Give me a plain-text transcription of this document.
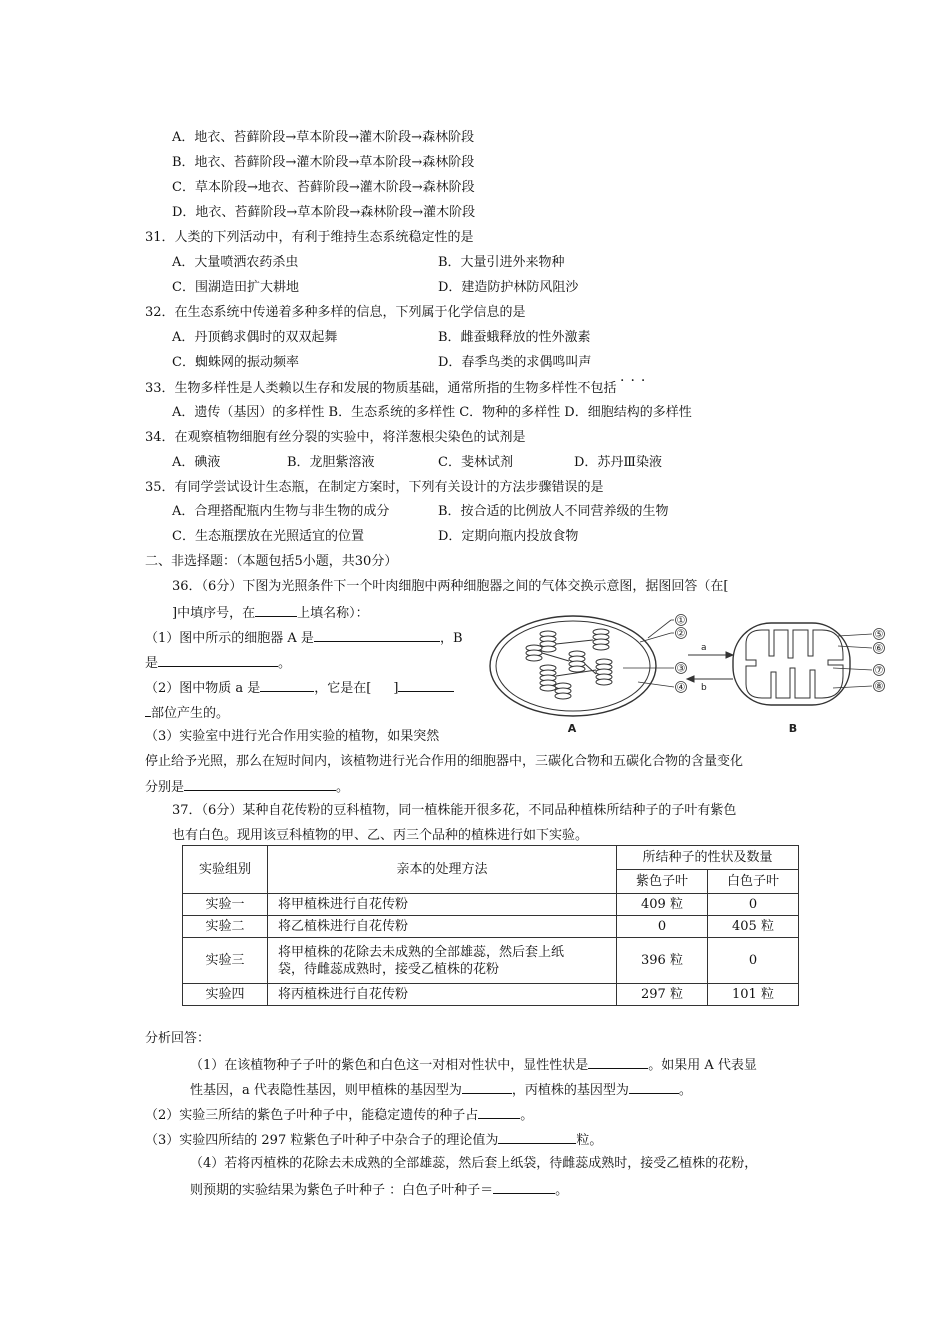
A．地衣、苔藓阶段→草本阶段→灌木阶段→森林阶段
B．地衣、苔藓阶段→灌木阶段→草本阶段→森林阶段
C．草本阶段→地衣、苔藓阶段→灌木阶段→森林阶段
D．地衣、苔藓阶段→草本阶段→森林阶段→灌木阶段
31．人类的下列活动中，有利于维持生态系统稳定性的是
A．大量喷洒农药杀虫	B．大量引进外来物种
C．围湖造田扩大耕地	D．建造防护林防风阻沙
32．在生态系统中传递着多种多样的信息，下列属于化学信息的是
A．丹顶鹤求偶时的双双起舞	B．雌蚕蛾释放的性外激素
C．蜘蛛网的振动频率	D．春季鸟类的求偶鸣叫声
···
33．生物多样性是人类赖以生存和发展的物质基础，通常所指的生物多样性不包括
A．遗传（基因）的多样性 B．生态系统的多样性 C．物种的多样性 D．细胞结构的多样性
34．在观察植物细胞有丝分裂的实验中，将洋葱根尖染色的试剂是
A．碘液	B．龙胆紫溶液	C．斐林试剂	D．苏丹Ⅲ染液
35．有同学尝试设计生态瓶，在制定方案时，下列有关设计的方法步骤错误的是
A．合理搭配瓶内生物与非生物的成分	B．按合适的比例放人不同营养级的生物
C．生态瓶摆放在光照适宜的位置	D．定期向瓶内投放食物
二、非选择题：（本题包括5小题，共30分）
36．（6分）下图为光照条件下一个叶肉细胞中两种细胞器之间的气体交换示意图，据图回答（在[
]中填序号，在	上填名称）：
（1）图中所示的细胞器 A 是	，B
是	。
（2）图中物质 a 是	，它是在[ ]
部位产生的。
（3）实验室中进行光合作用实验的植物，如果突然
停止给予光照，那么在短时间内，该植物进行光合作用的细胞器中，三碳化合物和五碳化合物的含量变化
分别是	。
①
②
③
④
a
b
⑤
⑥
⑦
⑧
A	B
37．（6分）某种自花传粉的豆科植物，同一植株能开很多花，不同品种植株所结种子的子叶有紫色
也有白色。现用该豆科植物的甲、乙、丙三个品种的植株进行如下实验。
实验组别	亲本的处理方法	所结种子的性状及数量	
		紫色子叶	白色子叶
实验一	将甲植株进行自花传粉	409 粒	0
实验二	将乙植株进行自花传粉	0	405 粒
实验三	将甲植株的花除去未成熟的全部雄蕊，然后套上纸
袋，待雌蕊成熟时，接受乙植株的花粉	396 粒	0
实验四	将丙植株进行自花传粉	297 粒	101 粒
分析回答：
（1）在该植物种子子叶的紫色和白色这一对相对性状中，显性性状是	。如果用 A 代表显
性基因，a 代表隐性基因，则甲植株的基因型为	，丙植株的基因型为	。
（2）实验三所结的紫色子叶种子中，能稳定遗传的种子占	。
（3）实验四所结的 297 粒紫色子叶种子中杂合子的理论值为	粒。
（4）若将丙植株的花除去未成熟的全部雄蕊，然后套上纸袋，待雌蕊成熟时，接受乙植株的花粉，
则预期的实验结果为紫色子叶种子 ：白色子叶种子＝	。
